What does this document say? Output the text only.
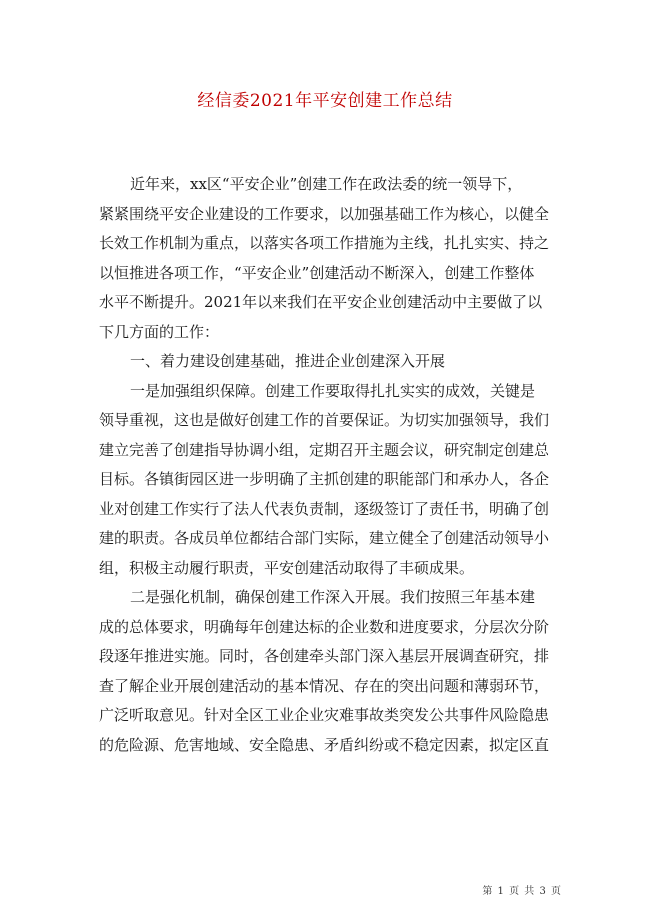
经信委2021年平安创建工作总结
近年来，xx区“平安企业”创建工作在政法委的统一领导下，
紧紧围绕平安企业建设的工作要求，以加强基础工作为核心，以健全
长效工作机制为重点，以落实各项工作措施为主线，扎扎实实、持之
以恒推进各项工作，“平安企业”创建活动不断深入，创建工作整体
水平不断提升。2021年以来我们在平安企业创建活动中主要做了以
下几方面的工作：
一、着力建设创建基础，推进企业创建深入开展
一是加强组织保障。创建工作要取得扎扎实实的成效，关键是
领导重视，这也是做好创建工作的首要保证。为切实加强领导，我们
建立完善了创建指导协调小组，定期召开主题会议，研究制定创建总
目标。各镇街园区进一步明确了主抓创建的职能部门和承办人，各企
业对创建工作实行了法人代表负责制，逐级签订了责任书，明确了创
建的职责。各成员单位都结合部门实际，建立健全了创建活动领导小
组，积极主动履行职责，平安创建活动取得了丰硕成果。
二是强化机制，确保创建工作深入开展。我们按照三年基本建
成的总体要求，明确每年创建达标的企业数和进度要求，分层次分阶
段逐年推进实施。同时，各创建牵头部门深入基层开展调查研究，排
查了解企业开展创建活动的基本情况、存在的突出问题和薄弱环节，
广泛听取意见。针对全区工业企业灾难事故类突发公共事件风险隐患
的危险源、危害地域、安全隐患、矛盾纠纷或不稳定因素，拟定区直
第 1 页 共 3 页
